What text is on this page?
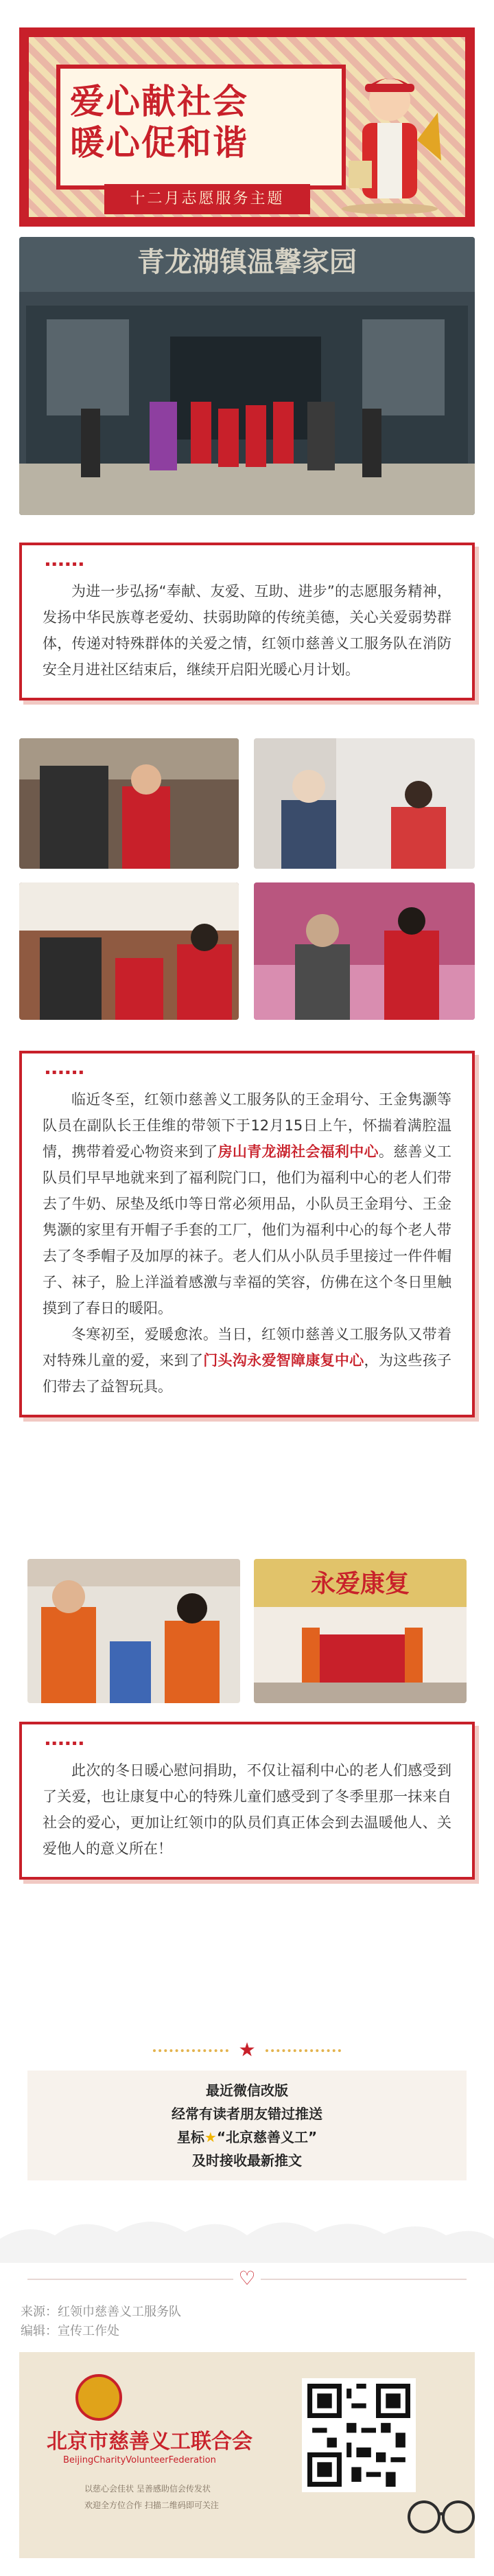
爱心献社会
暖心促和谐
十二月志愿服务主题
青龙湖镇温馨家园
▪▪▪▪▪▪

为进一步弘扬“奉献、友爱、互助、进步”的志愿服务精神，发扬中华民族尊老爱幼、扶弱助障的传统美德，关心关爱弱势群体，传递对特殊群体的关爱之情，红领巾慈善义工服务队在消防安全月进社区结束后，继续开启阳光暖心月计划。

▪▪▪▪▪▪

临近冬至，红领巾慈善义工服务队的王金琄兮、王金隽灏等队员在副队长王佳维的带领下于12月15日上午，怀揣着满腔温情，携带着爱心物资来到了房山青龙湖社会福利中心。慈善义工队员们早早地就来到了福利院门口，他们为福利中心的老人们带去了牛奶、尿垫及纸巾等日常必须用品，小队员王金琄兮、王金隽灏的家里有开帽子手套的工厂，他们为福利中心的每个老人带去了冬季帽子及加厚的袜子。老人们从小队员手里接过一件件帽子、袜子，脸上洋溢着感激与幸福的笑容，仿佛在这个冬日里触摸到了春日的暖阳。

冬寒初至，爱暖愈浓。当日，红领巾慈善义工服务队又带着对特殊儿童的爱，来到了门头沟永爱智障康复中心，为这些孩子们带去了益智玩具。

永爱康复
▪▪▪▪▪▪

此次的冬日暖心慰问捐助，不仅让福利中心的老人们感受到了关爱，也让康复中心的特殊儿童们感受到了冬季里那一抹来自社会的爱心，更加让红领巾的队员们真正体会到去温暖他人、关爱他人的意义所在！

★
最近微信改版
经常有读者朋友错过推送
星标★“北京慈善义工”
及时接收最新推文
♡
来源：红领巾慈善义工服务队
编辑：宣传工作处
北京市慈善义工联合会
BeijingCharityVolunteerFederation
以慈心会佳状 呈善感助信会传发状
欢迎全方位合作 扫描二维码即可关注
